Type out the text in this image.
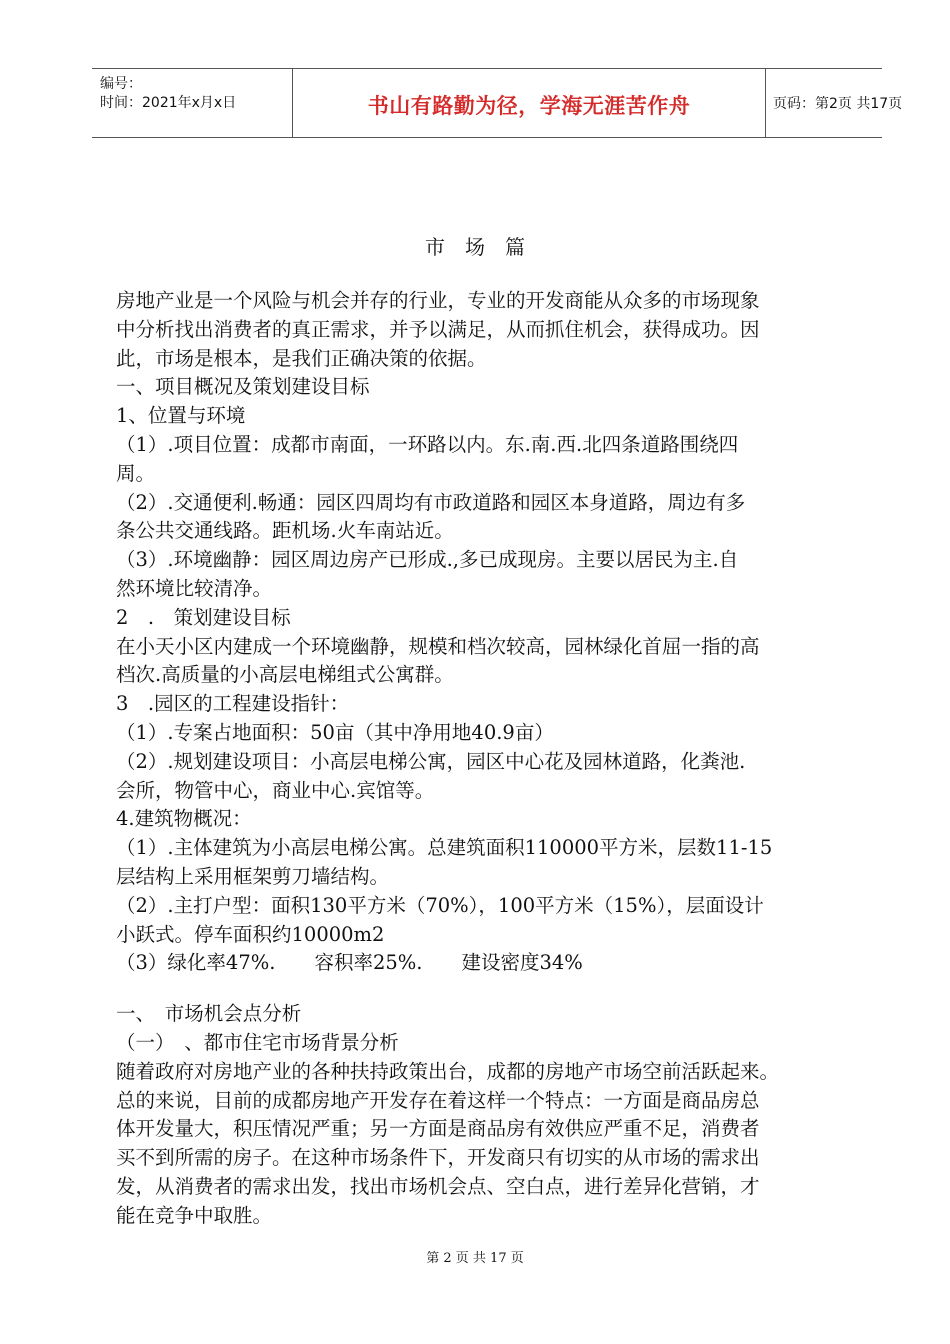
编号：
时间：2021年x月x日	书山有路勤为径，学海无涯苦作舟	页码：第2页 共17页
市　场　篇
房地产业是一个风险与机会并存的行业，专业的开发商能从众多的市场现象
中分析找出消费者的真正需求，并予以满足，从而抓住机会，获得成功。因
此，市场是根本，是我们正确决策的依据。
一、项目概况及策划建设目标
1、位置与环境
（1）.项目位置：成都市南面，一环路以内。东.南.西.北四条道路围绕四
周。
（2）.交通便利.畅通：园区四周均有市政道路和园区本身道路，周边有多
条公共交通线路。距机场.火车南站近。
（3）.环境幽静：园区周边房产已形成.,多已成现房。主要以居民为主.自
然环境比较清净。
2　.　策划建设目标
在小天小区内建成一个环境幽静，规模和档次较高，园林绿化首屈一指的高
档次.高质量的小高层电梯组式公寓群。
3　.园区的工程建设指针：
（1）.专案占地面积：50亩（其中净用地40.9亩）
（2）.规划建设项目：小高层电梯公寓，园区中心花及园林道路，化粪池.
会所，物管中心，商业中心.宾馆等。
4.建筑物概况：
（1）.主体建筑为小高层电梯公寓。总建筑面积110000平方米，层数11-15
层结构上采用框架剪刀墙结构。
（2）.主打户型：面积130平方米（70%），100平方米（15%），层面设计
小跃式。停车面积约10000m2
（3）绿化率47%.　　容积率25%.　　建设密度34%
一、　市场机会点分析
（一）　、都市住宅市场背景分析
随着政府对房地产业的各种扶持政策出台，成都的房地产市场空前活跃起来。
总的来说，目前的成都房地产开发存在着这样一个特点：一方面是商品房总
体开发量大，积压情况严重；另一方面是商品房有效供应严重不足，消费者
买不到所需的房子。在这种市场条件下，开发商只有切实的从市场的需求出
发，从消费者的需求出发，找出市场机会点、空白点，进行差异化营销，才
能在竞争中取胜。
第 2 页 共 17 页
